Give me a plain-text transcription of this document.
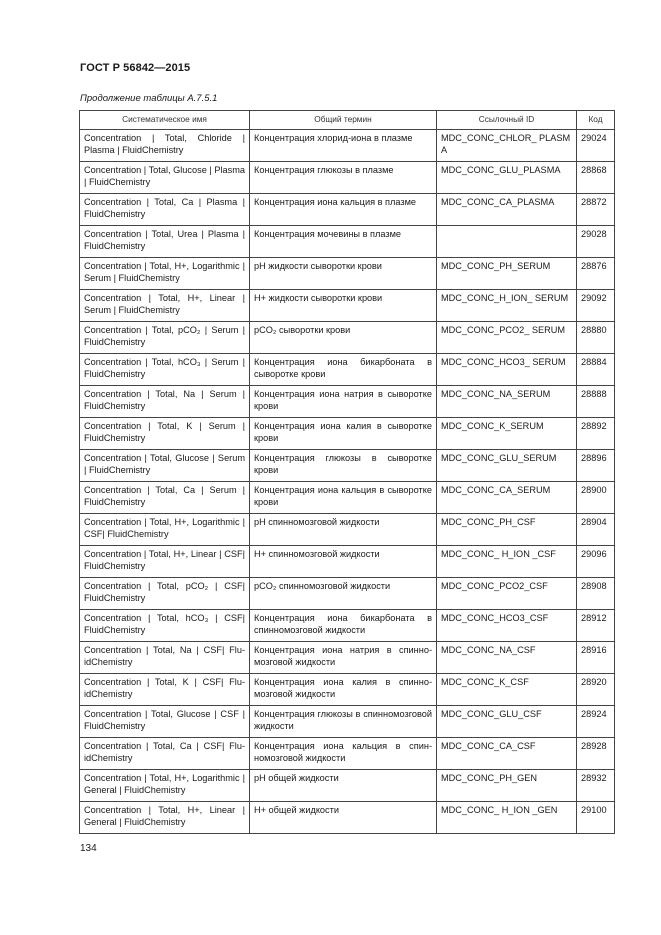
ГОСТ Р 56842—2015
Продолжение таблицы А.7.5.1
Систематическое имя	Общий термин	Ссылочный ID	Код
Concentration | Total, Chloride | Plasma | FluidChemistry	Концентрация хлорид-иона в плазме	MDC_CONC_CHLOR_ PLASMA	29024
Concentration | Total, Glucose | Plasma | FluidChemistry	Концентрация глюкозы в плазме	MDC_CONC_GLU_PLASMA	28868
Concentration | Total, Ca | Plasma | FluidChemistry	Концентрация иона кальция в плазме	MDC_CONC_CA_PLASMA	28872
Concentration | Total, Urea | Plasma | FluidChemistry	Концентрация мочевины в плазме		29028
Concentration | Total, H+, Logarithmic | Serum | FluidChemistry	pH жидкости сыворотки крови	MDC_CONC_PH_SERUM	28876
Concentration | Total, H+, Linear | Serum | FluidChemistry	H+ жидкости сыворотки крови	MDC_CONC_H_ION_ SERUM	29092
Concentration | Total, pCO₂ | Serum | FluidChemistry	pCO₂ сыворотки крови	MDC_CONC_PCO2_ SERUM	28880
Concentration | Total, hCO₃ | Serum | FluidChemistry	Концентрация иона бикарбоната в сыворотке крови	MDC_CONC_HCO3_ SERUM	28884
Concentration | Total, Na | Serum | FluidChemistry	Концентрация иона натрия в сыворотке крови	MDC_CONC_NA_SERUM	28888
Concentration | Total, K | Serum | FluidChemistry	Концентрация иона калия в сыворотке крови	MDC_CONC_K_SERUM	28892
Concentration | Total, Glucose | Serum | FluidChemistry	Концентрация глюкозы в сыворотке крови	MDC_CONC_GLU_SERUM	28896
Concentration | Total, Ca | Serum | FluidChemistry	Концентрация иона кальция в сыворотке крови	MDC_CONC_CA_SERUM	28900
Concentration | Total, H+, Logarithmic | CSF| FluidChemistry	pH спинномозговой жидкости	MDC_CONC_PH_CSF	28904
Concentration | Total, H+, Linear | CSF| FluidChemistry	H+ спинномозговой жидкости	MDC_CONC_ H_ION _CSF	29096
Concentration | Total, pCO₂ | CSF| FluidChemistry	pCO₂ спинномозговой жидкости	MDC_CONC_PCO2_CSF	28908
Concentration | Total, hCO₃ | CSF| FluidChemistry	Концентрация иона бикарбоната в спинномозговой жидкости	MDC_CONC_HCO3_CSF	28912
Concentration | Total, Na | CSF| FluidChemistry	Концентрация иона натрия в спинномозговой жидкости	MDC_CONC_NA_CSF	28916
Concentration | Total, K | CSF| FluidChemistry	Концентрация иона калия в спинномозговой жидкости	MDC_CONC_K_CSF	28920
Concentration | Total, Glucose | CSF | FluidChemistry	Концентрация глюкозы в спинномозговой жидкости	MDC_CONC_GLU_CSF	28924
Concentration | Total, Ca | CSF| FluidChemistry	Концентрация иона кальция в спинномозговой жидкости	MDC_CONC_CA_CSF	28928
Concentration | Total, H+, Logarithmic | General | FluidChemistry	pH общей жидкости	MDC_CONC_PH_GEN	28932
Concentration | Total, H+, Linear | General | FluidChemistry	H+ общей жидкости	MDC_CONC_ H_ION _GEN	29100
134
